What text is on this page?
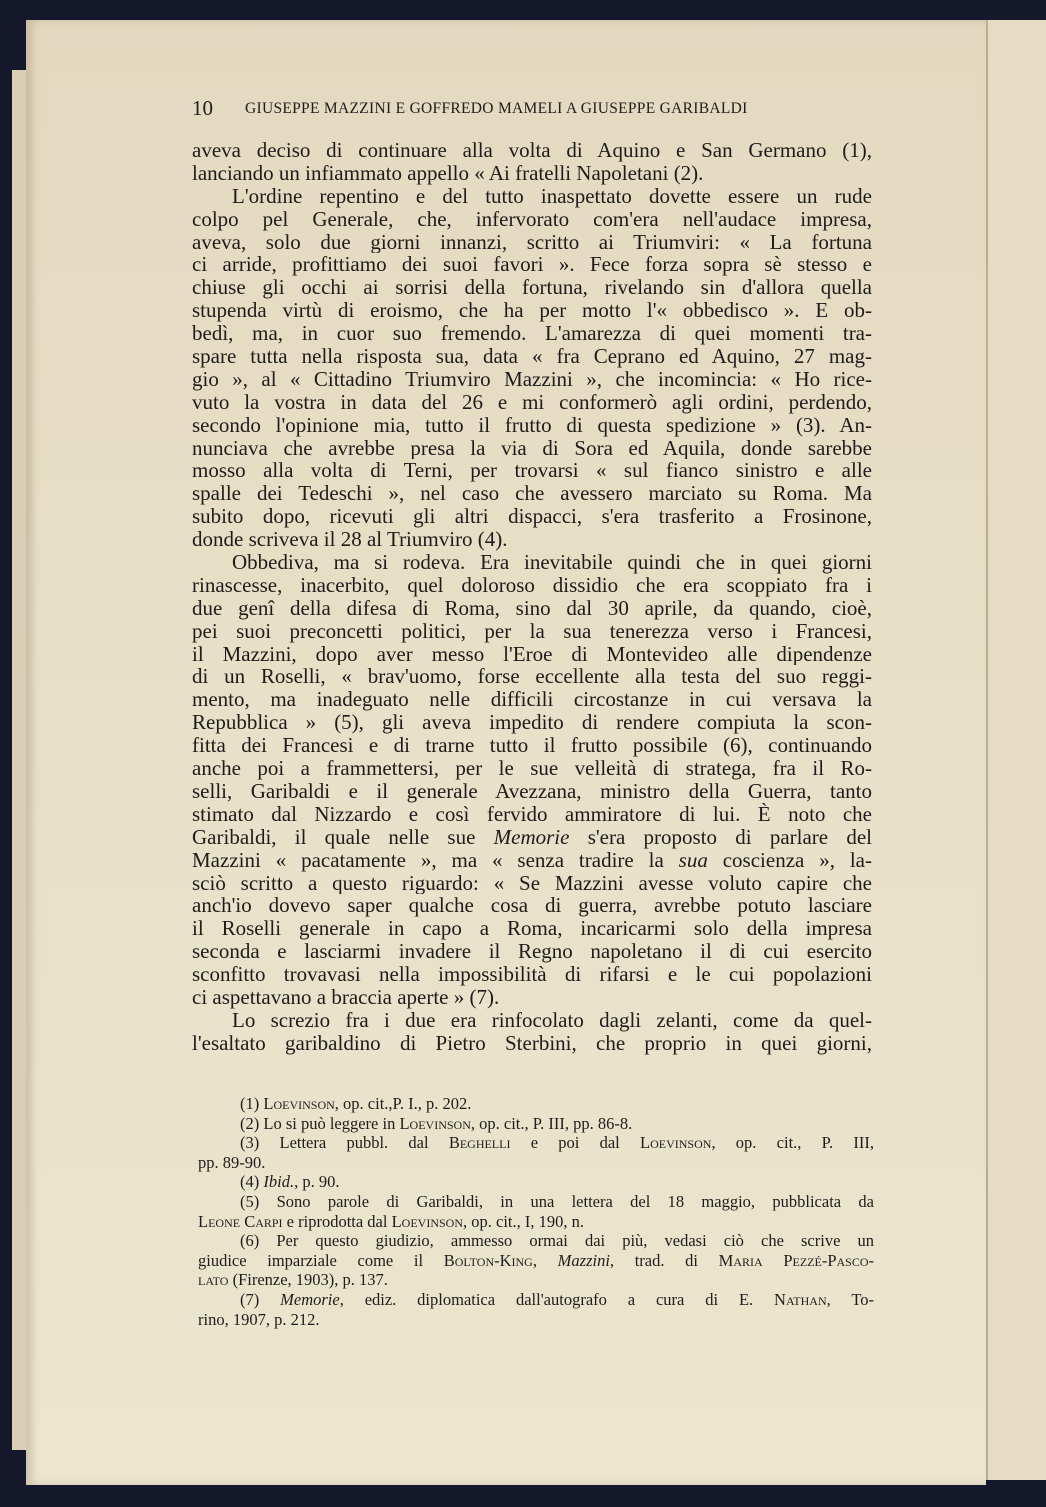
10 GIUSEPPE MAZZINI E GOFFREDO MAMELI A GIUSEPPE GARIBALDI
aveva deciso di continuare alla volta di Aquino e San Germano (1),
lanciando un infiammato appello « Ai fratelli Napoletani (2).
L'ordine repentino e del tutto inaspettato dovette essere un rude
colpo pel Generale, che, infervorato com'era nell'audace impresa,
aveva, solo due giorni innanzi, scritto ai Triumviri: « La fortuna
ci arride, profittiamo dei suoi favori ». Fece forza sopra sè stesso e
chiuse gli occhi ai sorrisi della fortuna, rivelando sin d'allora quella
stupenda virtù di eroismo, che ha per motto l'« obbedisco ». E ob-
bedì, ma, in cuor suo fremendo. L'amarezza di quei momenti tra-
spare tutta nella risposta sua, data « fra Ceprano ed Aquino, 27 mag-
gio », al « Cittadino Triumviro Mazzini », che incomincia: « Ho rice-
vuto la vostra in data del 26 e mi conformerò agli ordini, perdendo,
secondo l'opinione mia, tutto il frutto di questa spedizione » (3). An-
nunciava che avrebbe presa la via di Sora ed Aquila, donde sarebbe
mosso alla volta di Terni, per trovarsi « sul fianco sinistro e alle
spalle dei Tedeschi », nel caso che avessero marciato su Roma. Ma
subito dopo, ricevuti gli altri dispacci, s'era trasferito a Frosinone,
donde scriveva il 28 al Triumviro (4).
Obbediva, ma si rodeva. Era inevitabile quindi che in quei giorni
rinascesse, inacerbito, quel doloroso dissidio che era scoppiato fra i
due genî della difesa di Roma, sino dal 30 aprile, da quando, cioè,
pei suoi preconcetti politici, per la sua tenerezza verso i Francesi,
il Mazzini, dopo aver messo l'Eroe di Montevideo alle dipendenze
di un Roselli, « brav'uomo, forse eccellente alla testa del suo reggi-
mento, ma inadeguato nelle difficili circostanze in cui versava la
Repubblica » (5), gli aveva impedito di rendere compiuta la scon-
fitta dei Francesi e di trarne tutto il frutto possibile (6), continuando
anche poi a frammettersi, per le sue velleità di stratega, fra il Ro-
selli, Garibaldi e il generale Avezzana, ministro della Guerra, tanto
stimato dal Nizzardo e così fervido ammiratore di lui. È noto che
Garibaldi, il quale nelle sue Memorie s'era proposto di parlare del
Mazzini « pacatamente », ma « senza tradire la sua coscienza », la-
sciò scritto a questo riguardo: « Se Mazzini avesse voluto capire che
anch'io dovevo saper qualche cosa di guerra, avrebbe potuto lasciare
il Roselli generale in capo a Roma, incaricarmi solo della impresa
seconda e lasciarmi invadere il Regno napoletano il di cui esercito
sconfitto trovavasi nella impossibilità di rifarsi e le cui popolazioni
ci aspettavano a braccia aperte » (7).
Lo screzio fra i due era rinfocolato dagli zelanti, come da quel-
l'esaltato garibaldino di Pietro Sterbini, che proprio in quei giorni,
(1) Loevinson, op. cit.,P. I., p. 202.
(2) Lo si può leggere in Loevinson, op. cit., P. III, pp. 86-8.
(3) Lettera pubbl. dal Beghelli e poi dal Loevinson, op. cit., P. III,
pp. 89-90.
(4) Ibid., p. 90.
(5) Sono parole di Garibaldi, in una lettera del 18 maggio, pubblicata da
Leone Carpi e riprodotta dal Loevinson, op. cit., I, 190, n.
(6) Per questo giudizio, ammesso ormai dai più, vedasi ciò che scrive un
giudice imparziale come il Bolton-King, Mazzini, trad. di Maria Pezzé-Pasco-
lato (Firenze, 1903), p. 137.
(7) Memorie, ediz. diplomatica dall'autografo a cura di E. Nathan, To-
rino, 1907, p. 212.
